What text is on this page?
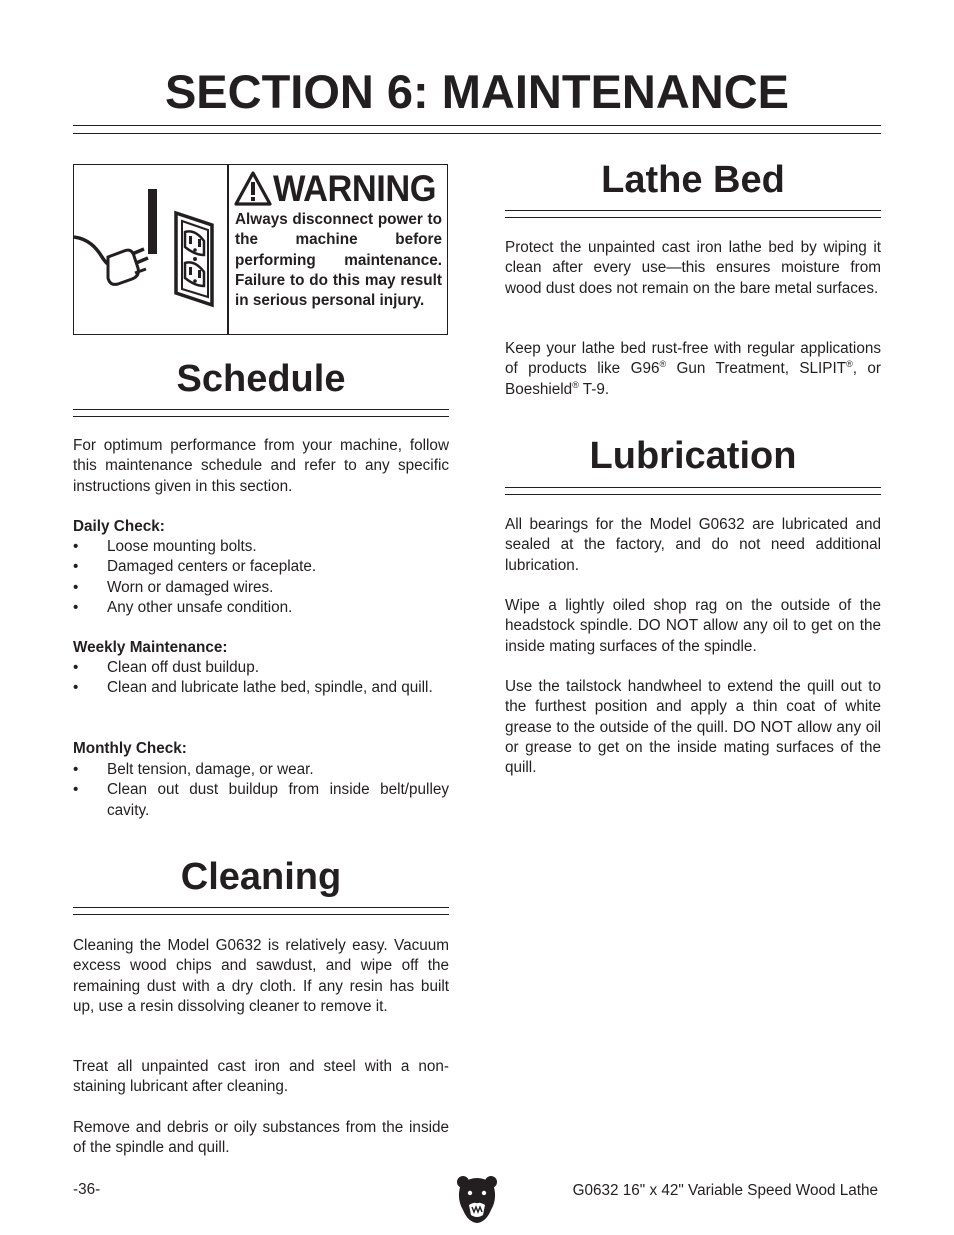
SECTION 6: MAINTENANCE
WARNING

Always disconnect power to the machine before performing maintenance. Failure to do this may result in serious personal injury.

Schedule

For optimum performance from your machine, follow this maintenance schedule and refer to any specific instructions given in this section.

Daily Check:

• Loose mounting bolts.
• Damaged centers or faceplate.
• Worn or damaged wires.
• Any other unsafe condition.

Weekly Maintenance:

• Clean off dust buildup.
• Clean and lubricate lathe bed, spindle, and quill.

Monthly Check:

• Belt tension, damage, or wear.
• Clean out dust buildup from inside belt/pulley cavity.
Cleaning

Cleaning the Model G0632 is relatively easy. Vacuum excess wood chips and sawdust, and wipe off the remaining dust with a dry cloth. If any resin has built up, use a resin dissolving cleaner to remove it.

Treat all unpainted cast iron and steel with a non-staining lubricant after cleaning.

Remove and debris or oily substances from the inside of the spindle and quill.

Lathe Bed

Protect the unpainted cast iron lathe bed by wiping it clean after every use—this ensures moisture from wood dust does not remain on the bare metal surfaces.

Keep your lathe bed rust-free with regular applications of products like G96® Gun Treatment, SLIPIT®, or Boeshield® T-9.

Lubrication

All bearings for the Model G0632 are lubricated and sealed at the factory, and do not need additional lubrication.

Wipe a lightly oiled shop rag on the outside of the headstock spindle. DO NOT allow any oil to get on the inside mating surfaces of the spindle.

Use the tailstock handwheel to extend the quill out to the furthest position and apply a thin coat of white grease to the outside of the quill. DO NOT allow any oil or grease to get on the inside mating surfaces of the quill.

-36-	G0632 16" x 42" Variable Speed Wood Lathe
